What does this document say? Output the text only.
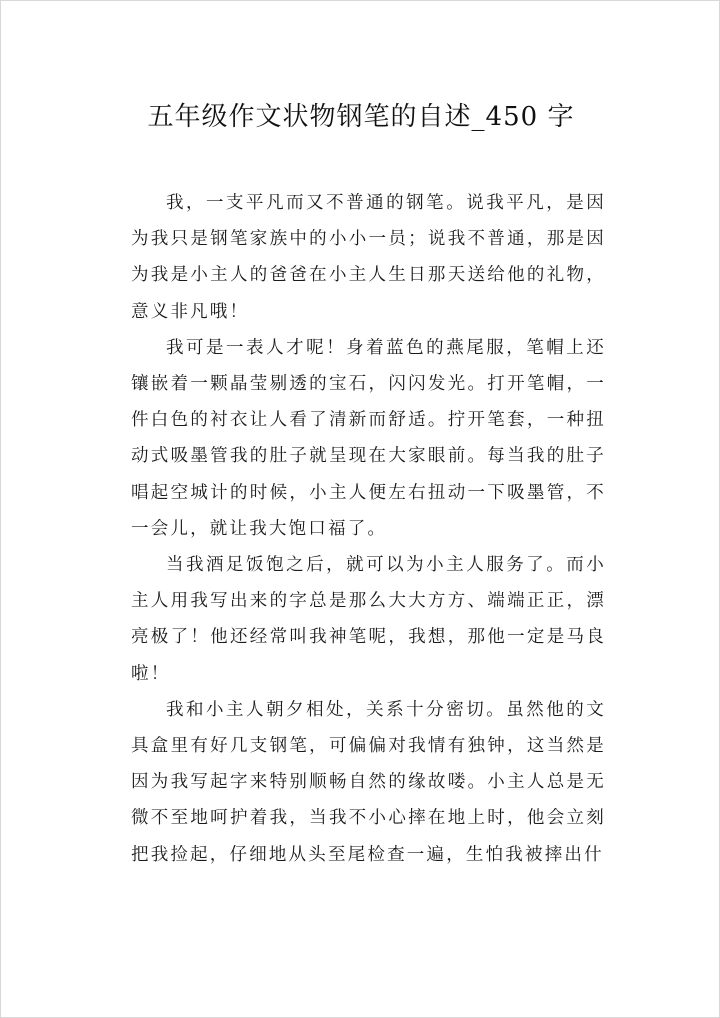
五年级作文状物钢笔的自述_450 字

我，一支平凡而又不普通的钢笔。说我平凡，是因为我只是钢笔家族中的小小一员；说我不普通，那是因为我是小主人的爸爸在小主人生日那天送给他的礼物，意义非凡哦！

我可是一表人才呢！身着蓝色的燕尾服，笔帽上还镶嵌着一颗晶莹剔透的宝石，闪闪发光。打开笔帽，一件白色的衬衣让人看了清新而舒适。拧开笔套，一种扭动式吸墨管我的肚子就呈现在大家眼前。每当我的肚子唱起空城计的时候，小主人便左右扭动一下吸墨管，不一会儿，就让我大饱口福了。

当我酒足饭饱之后，就可以为小主人服务了。而小主人用我写出来的字总是那么大大方方、端端正正，漂亮极了！他还经常叫我神笔呢，我想，那他一定是马良啦！

我和小主人朝夕相处，关系十分密切。虽然他的文具盒里有好几支钢笔，可偏偏对我情有独钟，这当然是因为我写起字来特别顺畅自然的缘故喽。小主人总是无微不至地呵护着我，当我不小心摔在地上时，他会立刻把我捡起，仔细地从头至尾检查一遍，生怕我被摔出什
